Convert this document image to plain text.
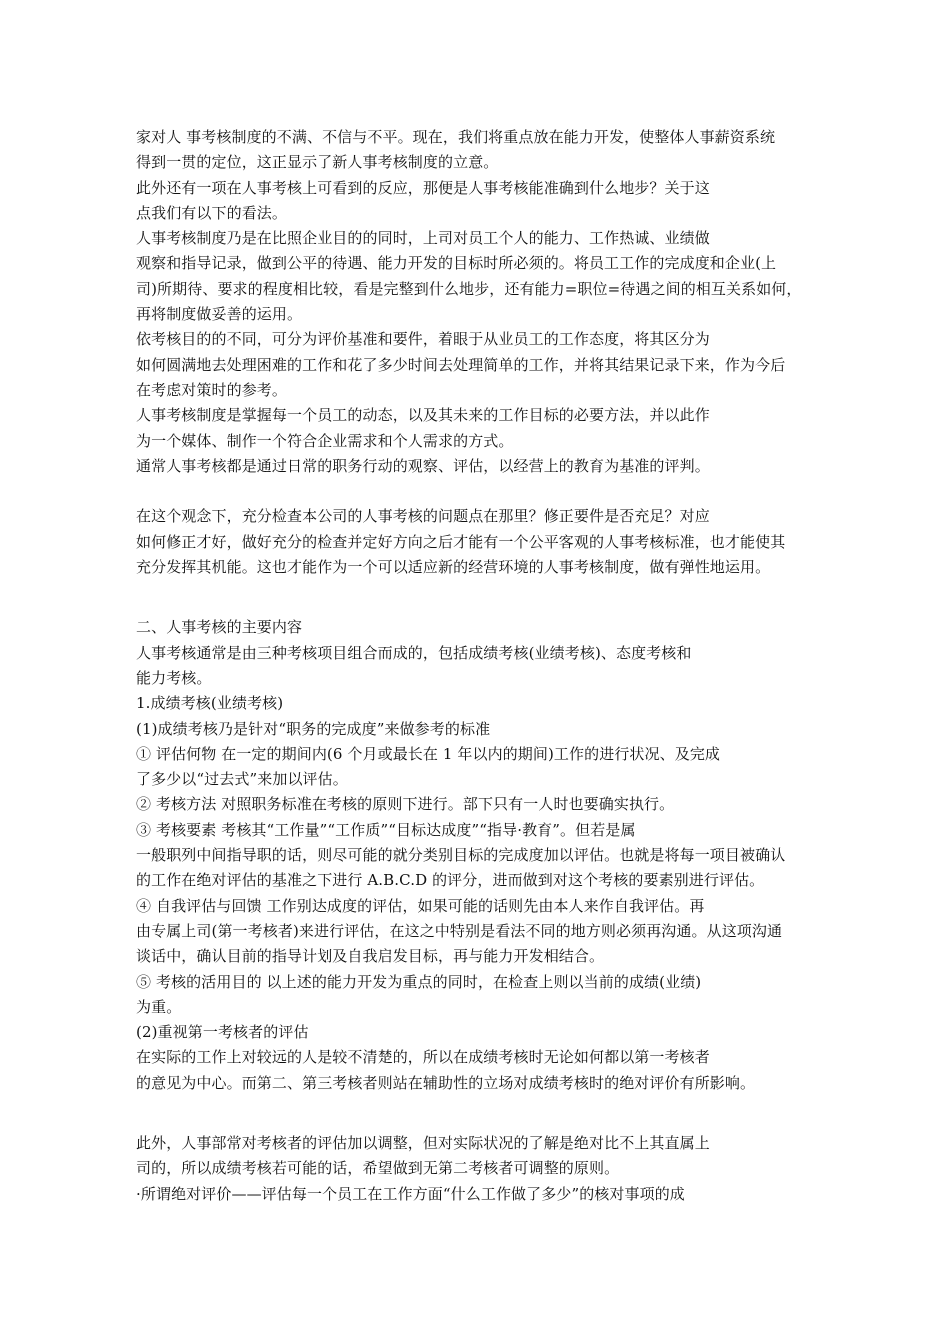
家对人 事考核制度的不满、不信与不平。现在，我们将重点放在能力开发，使整体人事薪资系统
得到一贯的定位，这正显示了新人事考核制度的立意。
此外还有一项在人事考核上可看到的反应，那便是人事考核能准确到什么地步？关于这
点我们有以下的看法。
人事考核制度乃是在比照企业目的的同时，上司对员工个人的能力、工作热诚、业绩做
观察和指导记录，做到公平的待遇、能力开发的目标时所必须的。将员工工作的完成度和企业(上
司)所期待、要求的程度相比较，看是完整到什么地步，还有能力=职位=待遇之间的相互关系如何，
再将制度做妥善的运用。
依考核目的的不同，可分为评价基准和要件，着眼于从业员工的工作态度，将其区分为
如何圆满地去处理困难的工作和花了多少时间去处理简单的工作，并将其结果记录下来，作为今后
在考虑对策时的参考。
人事考核制度是掌握每一个员工的动态，以及其未来的工作目标的必要方法，并以此作
为一个媒体、制作一个符合企业需求和个人需求的方式。
通常人事考核都是通过日常的职务行动的观察、评估，以经营上的教育为基准的评判。
在这个观念下，充分检查本公司的人事考核的问题点在那里？修正要件是否充足？对应
如何修正才好，做好充分的检查并定好方向之后才能有一个公平客观的人事考核标准，也才能使其
充分发挥其机能。这也才能作为一个可以适应新的经营环境的人事考核制度，做有弹性地运用。
二、人事考核的主要内容
人事考核通常是由三种考核项目组合而成的，包括成绩考核(业绩考核)、态度考核和
能力考核。
1.成绩考核(业绩考核)
(1)成绩考核乃是针对“职务的完成度”来做参考的标准
① 评估何物 在一定的期间内(6 个月或最长在 1 年以内的期间)工作的进行状况、及完成
了多少以“过去式”来加以评估。
② 考核方法 对照职务标准在考核的原则下进行。部下只有一人时也要确实执行。
③ 考核要素 考核其“工作量”“工作质”“目标达成度”“指导·教育”。但若是属
一般职列中间指导职的话，则尽可能的就分类别目标的完成度加以评估。也就是将每一项目被确认
的工作在绝对评估的基准之下进行 A.B.C.D 的评分，进而做到对这个考核的要素别进行评估。
④ 自我评估与回馈 工作别达成度的评估，如果可能的话则先由本人来作自我评估。再
由专属上司(第一考核者)来进行评估，在这之中特别是看法不同的地方则必须再沟通。从这项沟通
谈话中，确认目前的指导计划及自我启发目标，再与能力开发相结合。
⑤ 考核的活用目的 以上述的能力开发为重点的同时，在检查上则以当前的成绩(业绩)
为重。
(2)重视第一考核者的评估
在实际的工作上对较远的人是较不清楚的，所以在成绩考核时无论如何都以第一考核者
的意见为中心。而第二、第三考核者则站在辅助性的立场对成绩考核时的绝对评价有所影响。
此外，人事部常对考核者的评估加以调整，但对实际状况的了解是绝对比不上其直属上
司的，所以成绩考核若可能的话，希望做到无第二考核者可调整的原则。
·所谓绝对评价——评估每一个员工在工作方面“什么工作做了多少”的核对事项的成
